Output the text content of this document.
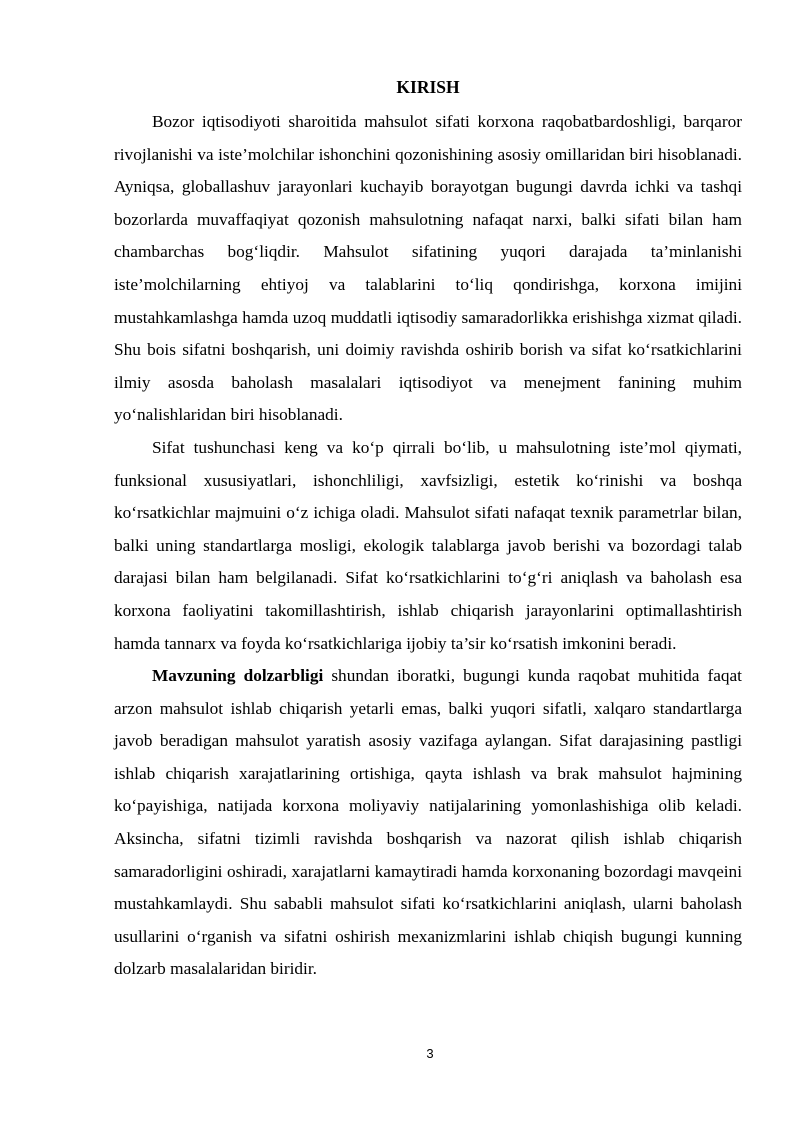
KIRISH

Bozor iqtisodiyoti sharoitida mahsulot sifati korxona raqobatbardoshligi, barqaror rivojlanishi va iste’molchilar ishonchini qozonishining asosiy omillaridan biri hisoblanadi. Ayniqsa, globallashuv jarayonlari kuchayib borayotgan bugungi davrda ichki va tashqi bozorlarda muvaffaqiyat qozonish mahsulotning nafaqat narxi, balki sifati bilan ham chambarchas bog‘liqdir. Mahsulot sifatining yuqori darajada ta’minlanishi iste’molchilarning ehtiyoj va talablarini to‘liq qondirishga, korxona imijini mustahkamlashga hamda uzoq muddatli iqtisodiy samaradorlikka erishishga xizmat qiladi. Shu bois sifatni boshqarish, uni doimiy ravishda oshirib borish va sifat ko‘rsatkichlarini ilmiy asosda baholash masalalari iqtisodiyot va menejment fanining muhim yo‘nalishlaridan biri hisoblanadi.

Sifat tushunchasi keng va ko‘p qirrali bo‘lib, u mahsulotning iste’mol qiymati, funksional xususiyatlari, ishonchliligi, xavfsizligi, estetik ko‘rinishi va boshqa ko‘rsatkichlar majmuini o‘z ichiga oladi. Mahsulot sifati nafaqat texnik parametrlar bilan, balki uning standartlarga mosligi, ekologik talablarga javob berishi va bozordagi talab darajasi bilan ham belgilanadi. Sifat ko‘rsatkichlarini to‘g‘ri aniqlash va baholash esa korxona faoliyatini takomillashtirish, ishlab chiqarish jarayonlarini optimallashtirish hamda tannarx va foyda ko‘rsatkichlariga ijobiy ta’sir ko‘rsatish imkonini beradi.

Mavzuning dolzarbligi shundan iboratki, bugungi kunda raqobat muhitida faqat arzon mahsulot ishlab chiqarish yetarli emas, balki yuqori sifatli, xalqaro standartlarga javob beradigan mahsulot yaratish asosiy vazifaga aylangan. Sifat darajasining pastligi ishlab chiqarish xarajatlarining ortishiga, qayta ishlash va brak mahsulot hajmining ko‘payishiga, natijada korxona moliyaviy natijalarining yomonlashishiga olib keladi. Aksincha, sifatni tizimli ravishda boshqarish va nazorat qilish ishlab chiqarish samaradorligini oshiradi, xarajatlarni kamaytiradi hamda korxonaning bozordagi mavqeini mustahkamlaydi. Shu sababli mahsulot sifati ko‘rsatkichlarini aniqlash, ularni baholash usullarini o‘rganish va sifatni oshirish mexanizmlarini ishlab chiqish bugungi kunning dolzarb masalalaridan biridir.

3
